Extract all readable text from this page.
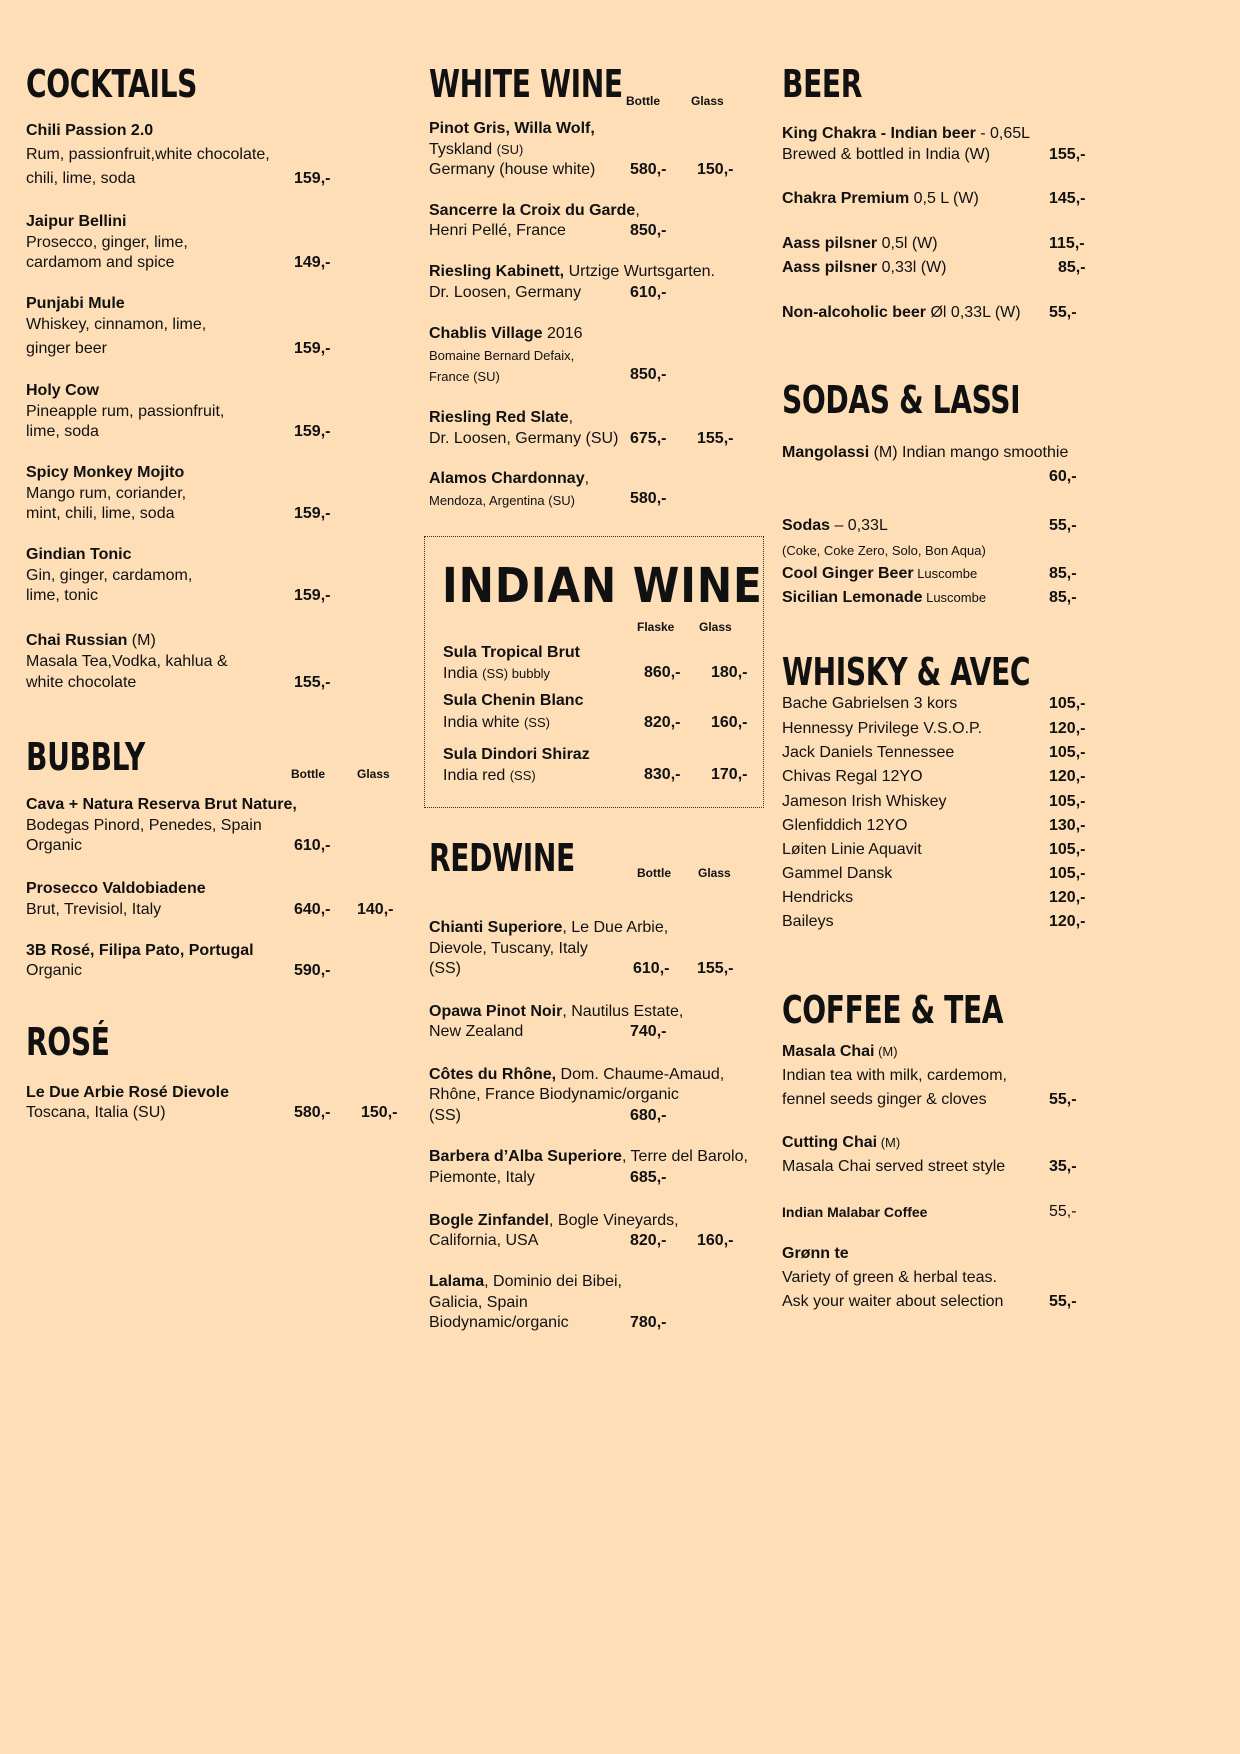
COCKTAILS
Chili Passion 2.0
Rum, passionfruit,white chocolate,
chili, lime, soda	159,-
Jaipur Bellini
Prosecco, ginger, lime,
cardamom and spice	149,-
Punjabi Mule
Whiskey, cinnamon, lime,
ginger beer	159,-
Holy Cow
Pineapple rum, passionfruit,
lime, soda	159,-
Spicy Monkey Mojito
Mango rum, coriander,
mint, chili, lime, soda	159,-
Gindian Tonic
Gin, ginger, cardamom,
lime, tonic	159,-
Chai Russian (M)
Masala Tea,Vodka, kahlua &
white chocolate	155,-
BUBBLY	Bottle	Glass
Cava + Natura Reserva Brut Nature,
Bodegas Pinord, Penedes, Spain
Organic	610,-
Prosecco Valdobiadene
Brut, Trevisiol, Italy	640,- 140,-
3B Rosé, Filipa Pato, Portugal
Organic	590,-
ROSÉ
Le Due Arbie Rosé Dievole
Toscana, Italia (SU)	580,- 150,-
WHITE WINE Bottle	Glass
Pinot Gris, Willa Wolf,
Tyskland (SU)
Germany (house white) 580,- 150,-
Sancerre la Croix du Garde,
Henri Pellé, France	850,-
Riesling Kabinett, Urtzige Wurtsgarten.
Dr. Loosen, Germany	610,-
Chablis Village 2016
Bomaine Bernard Defaix,
France (SU)	850,-
Riesling Red Slate,
Dr. Loosen, Germany (SU) 675,- 155,-
Alamos Chardonnay,
Mendoza, Argentina (SU)	580,-
INDIAN WINE
Flaske Glass
Sula Tropical Brut
India (SS) bubbly	860,- 180,-
Sula Chenin Blanc
India white (SS)	820,- 160,-
Sula Dindori Shiraz
India red (SS)	830,- 170,-
REDWINE	Bottle Glass
Chianti Superiore, Le Due Arbie,
Dievole, Tuscany, Italy
(SS)	610,- 155,-
Opawa Pinot Noir, Nautilus Estate,
New Zealand	740,-
Côtes du Rhône, Dom. Chaume-Amaud,
Rhône, France Biodynamic/organic
(SS)	680,-
Barbera d’Alba Superiore, Terre del Barolo,
Piemonte, Italy	685,-
Bogle Zinfandel, Bogle Vineyards,
California, USA	820,- 160,-
Lalama, Dominio dei Bibei,
Galicia, Spain
Biodynamic/organic	780,-
BEER
King Chakra - Indian beer - 0,65L
Brewed & bottled in India (W)	155,-
Chakra Premium 0,5 L (W)	145,-
Aass pilsner 0,5l (W)	115,-
Aass pilsner 0,33l (W)	85,-
Non-alcoholic beer Øl 0,33L (W) 55,-
SODAS & LASSI
Mangolassi (M) Indian mango smoothie
60,-
Sodas – 0,33L	55,-
(Coke, Coke Zero, Solo, Bon Aqua)
Cool Ginger Beer Luscombe	85,-
Sicilian Lemonade Luscombe	85,-
WHISKY & AVEC
Bache Gabrielsen 3 kors	105,-
Hennessy Privilege V.S.O.P.	120,-
Jack Daniels Tennessee	105,-
Chivas Regal 12YO	120,-
Jameson Irish Whiskey	105,-
Glenfiddich 12YO	130,-
Løiten Linie Aquavit	105,-
Gammel Dansk	105,-
Hendricks	120,-
Baileys	120,-
COFFEE & TEA
Masala Chai (M)
Indian tea with milk, cardemom,
fennel seeds ginger & cloves	55,-
Cutting Chai (M)
Masala Chai served street style	35,-
Indian Malabar Coffee	55,-
Grønn te
Variety of green & herbal teas.
Ask your waiter about selection	55,-
